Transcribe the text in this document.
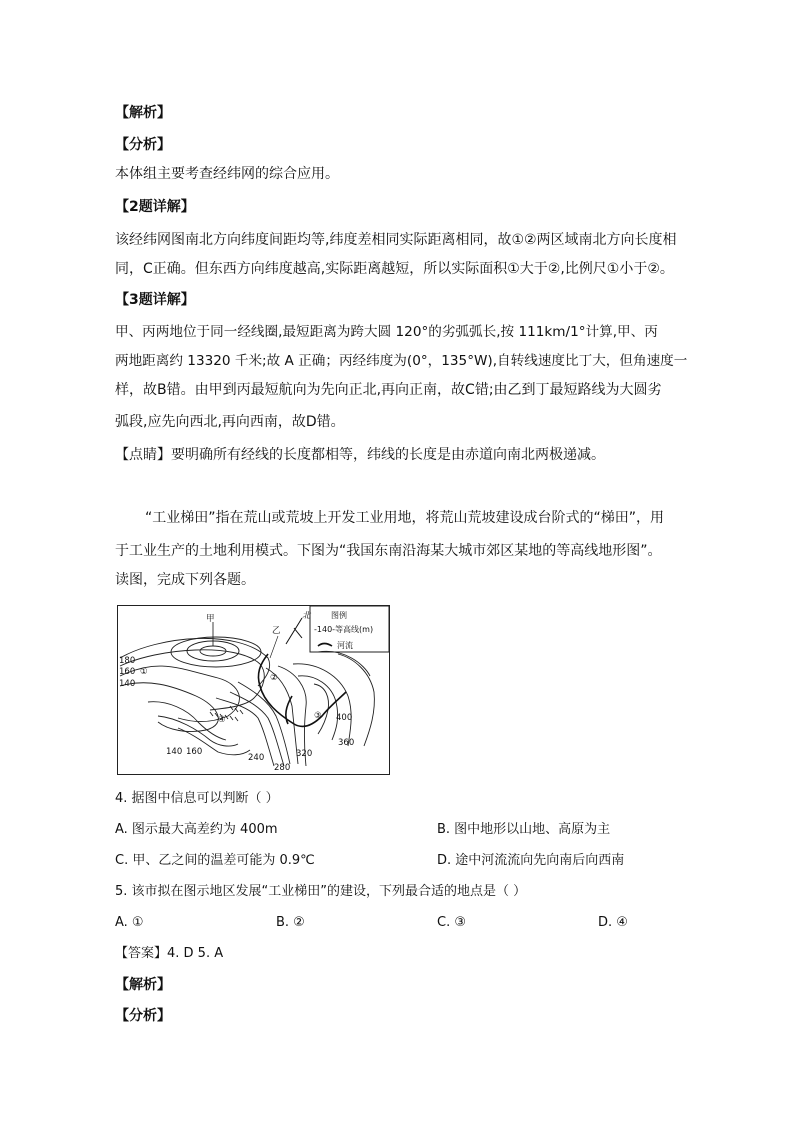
【解析】
【分析】
本体组主要考查经纬网的综合应用。
【2题详解】
该经纬网图南北方向纬度间距均等,纬度差相同实际距离相同，故①②两区域南北方向长度相
同，C正确。但东西方向纬度越高,实际距离越短，所以实际面积①大于②,比例尺①小于②。
【3题详解】
甲、丙两地位于同一经线圈,最短距离为跨大圆 120°的劣弧弧长,按 111km/1°计算,甲、丙
两地距离约 13320 千米;故 A 正确；丙经纬度为(0°，135°W),自转线速度比丁大，但角速度一
样，故B错。由甲到丙最短航向为先向正北,再向正南，故C错;由乙到丁最短路线为大圆劣
弧段,应先向西北,再向西南，故D错。
【点睛】要明确所有经线的长度都相等，纬线的长度是由赤道向南北两极递减。
“工业梯田”指在荒山或荒坡上开发工业用地，将荒山荒坡建设成台阶式的“梯田”，用
于工业生产的土地利用模式。下图为“我国东南沿海某大城市郊区某地的等高线地形图”。
读图，完成下列各题。
图例
-140-等高线(m)
河流
北
甲
乙
180
160
140
①
②
③
④	400
360
320
240
280
140 160
4. 据图中信息可以判断（ ）
A. 图示最大高差约为 400m	B. 图中地形以山地、高原为主
C. 甲、乙之间的温差可能为 0.9℃	D. 途中河流流向先向南后向西南
5. 该市拟在图示地区发展“工业梯田”的建设，下列最合适的地点是（ ）
A. ①	B. ②	C. ③	D. ④
【答案】4. D 5. A
【解析】
【分析】
